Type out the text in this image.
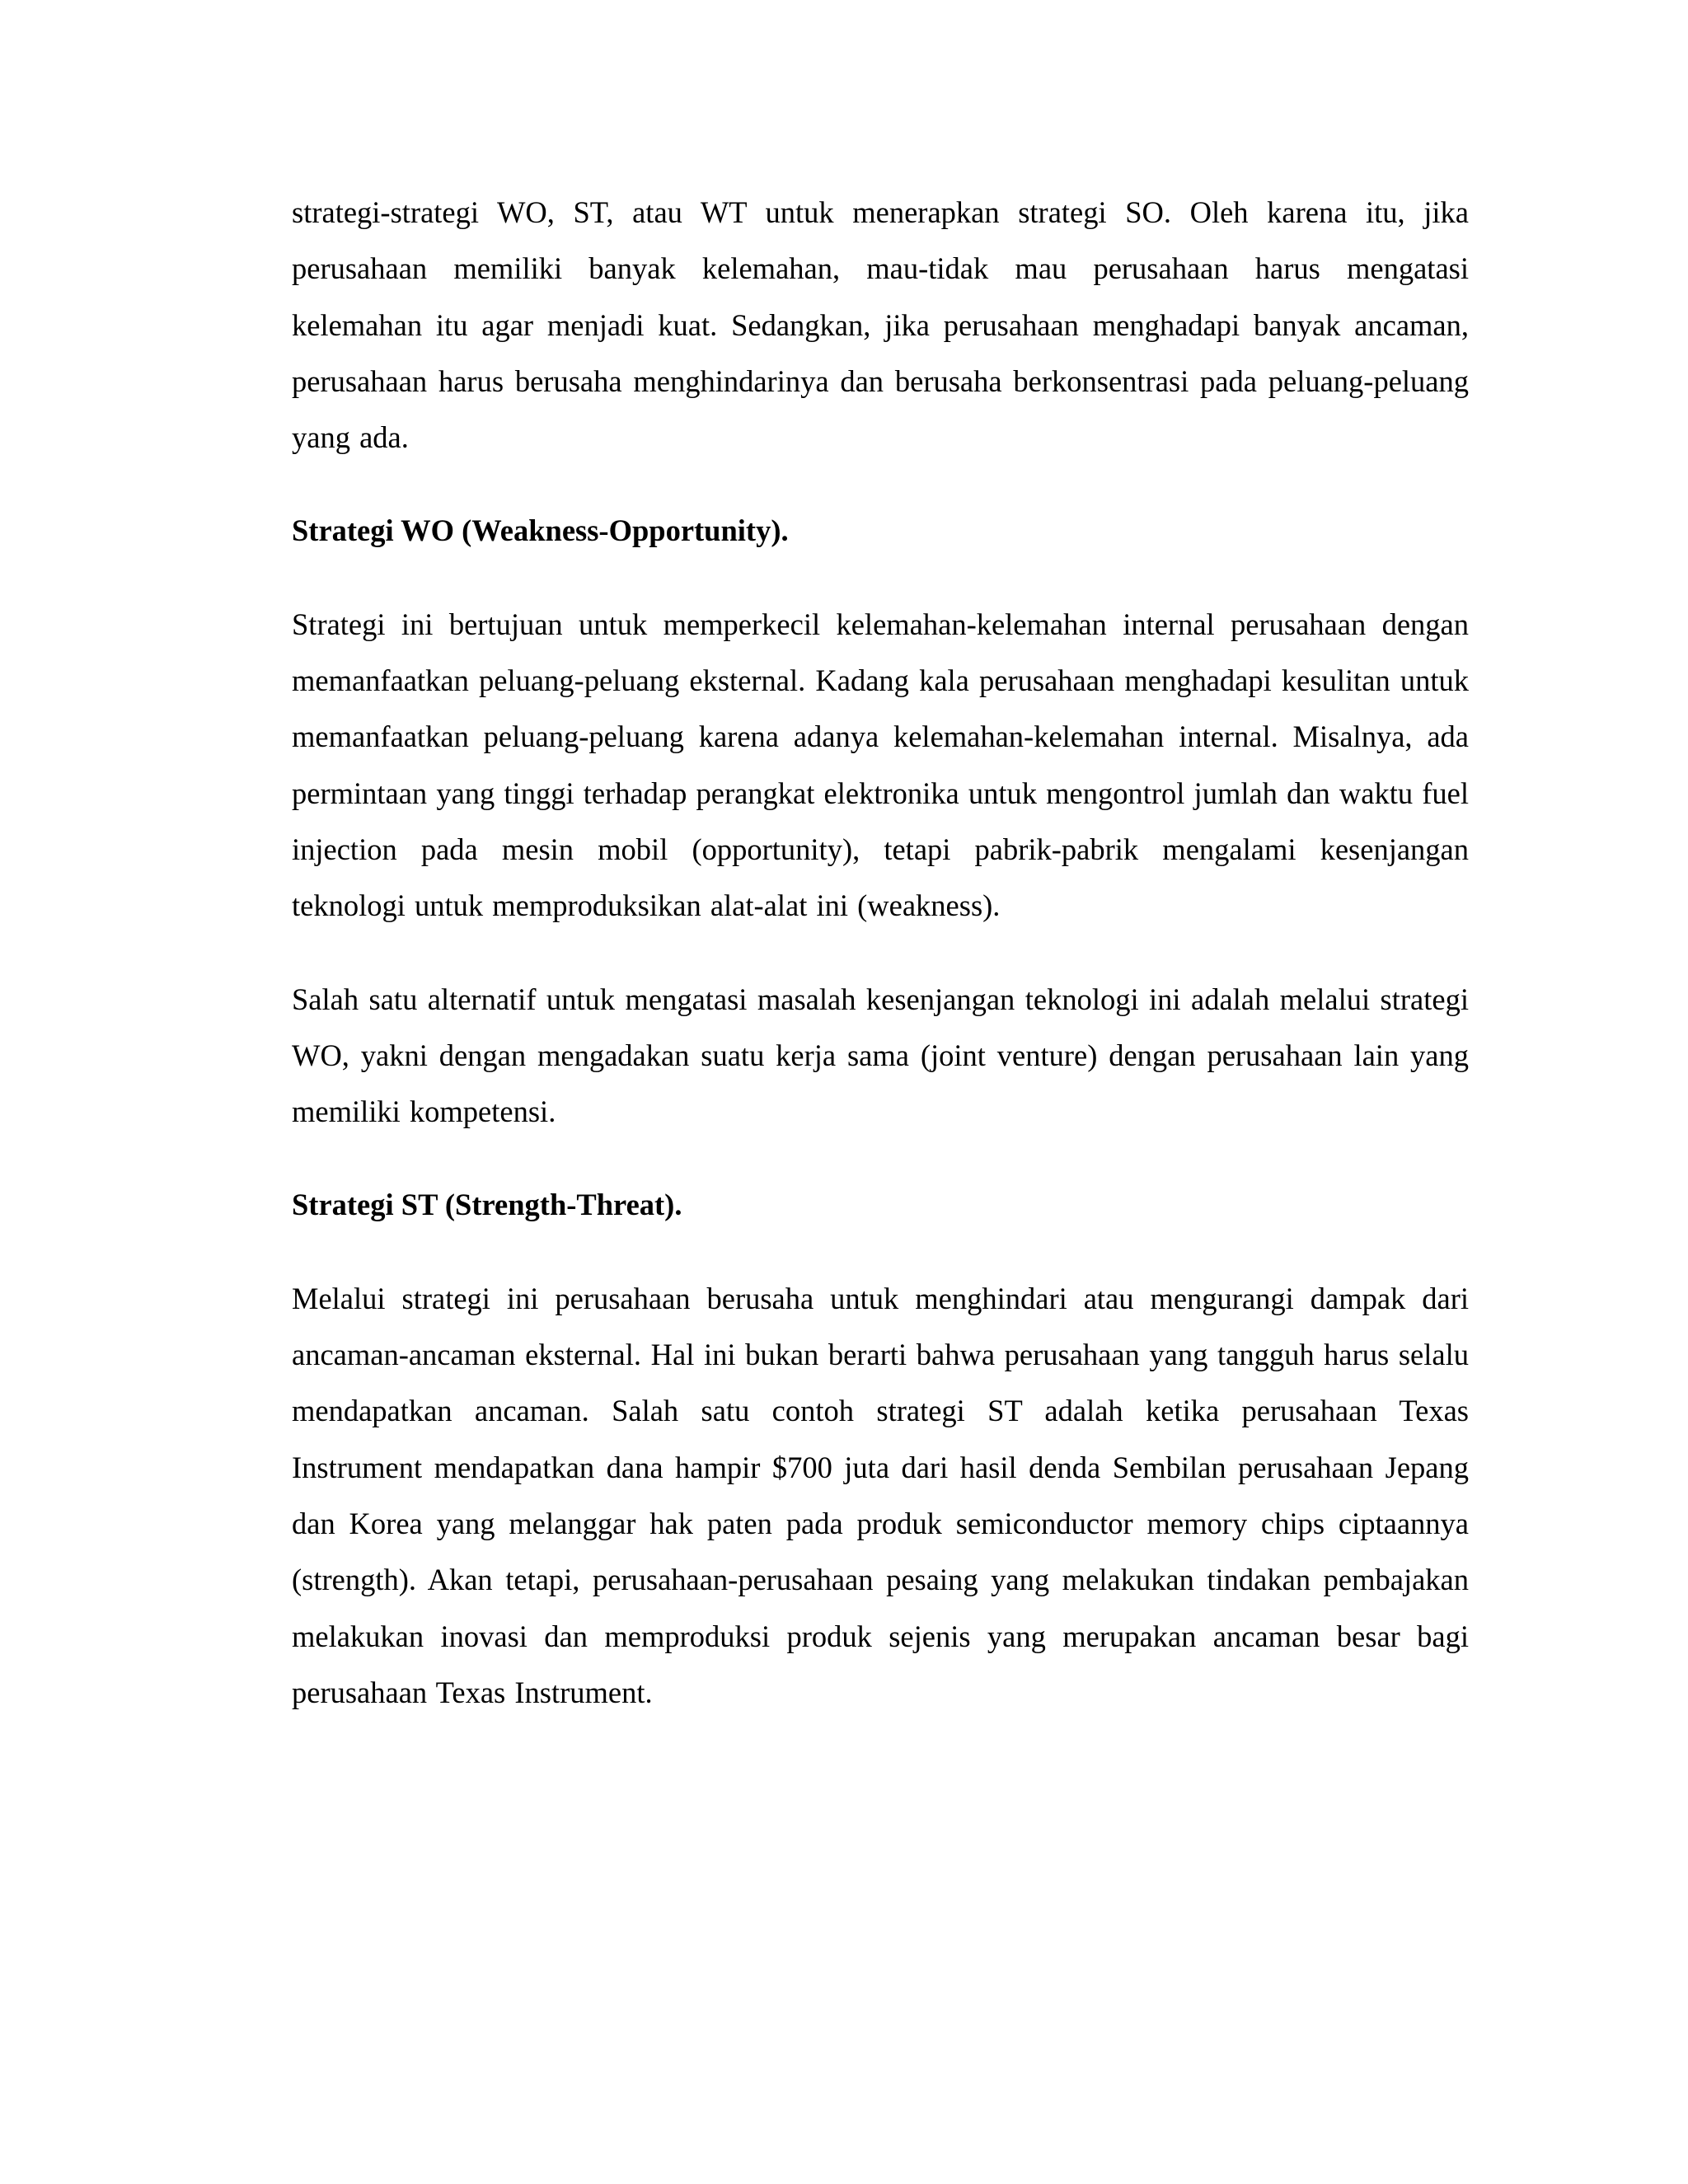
strategi-strategi WO, ST, atau WT untuk menerapkan strategi SO. Oleh karena itu, jika perusahaan memiliki banyak kelemahan, mau-tidak mau perusahaan harus mengatasi kelemahan itu agar menjadi kuat. Sedangkan, jika perusahaan menghadapi banyak ancaman, perusahaan harus berusaha menghindarinya dan berusaha berkonsentrasi pada peluang-peluang yang ada.

Strategi WO (Weakness-Opportunity).

Strategi ini bertujuan untuk memperkecil kelemahan-kelemahan internal perusahaan dengan memanfaatkan peluang-peluang eksternal. Kadang kala perusahaan menghadapi kesulitan untuk memanfaatkan peluang-peluang karena adanya kelemahan-kelemahan internal. Misalnya, ada permintaan yang tinggi terhadap perangkat elektronika untuk mengontrol jumlah dan waktu fuel injection pada mesin mobil (opportunity), tetapi pabrik-pabrik mengalami kesenjangan teknologi untuk memproduksikan alat-alat ini (weakness).

Salah satu alternatif untuk mengatasi masalah kesenjangan teknologi ini adalah melalui strategi WO, yakni dengan mengadakan suatu kerja sama (joint venture) dengan perusahaan lain yang memiliki kompetensi.

Strategi ST (Strength-Threat).

Melalui strategi ini perusahaan berusaha untuk menghindari atau mengurangi dampak dari ancaman-ancaman eksternal. Hal ini bukan berarti bahwa perusahaan yang tangguh harus selalu mendapatkan ancaman. Salah satu contoh strategi ST adalah ketika perusahaan Texas Instrument mendapatkan dana hampir $700 juta dari hasil denda Sembilan perusahaan Jepang dan Korea yang melanggar hak paten pada produk semiconductor memory chips ciptaannya (strength). Akan tetapi, perusahaan-perusahaan pesaing yang melakukan tindakan pembajakan melakukan inovasi dan memproduksi produk sejenis yang merupakan ancaman besar bagi perusahaan Texas Instrument.
